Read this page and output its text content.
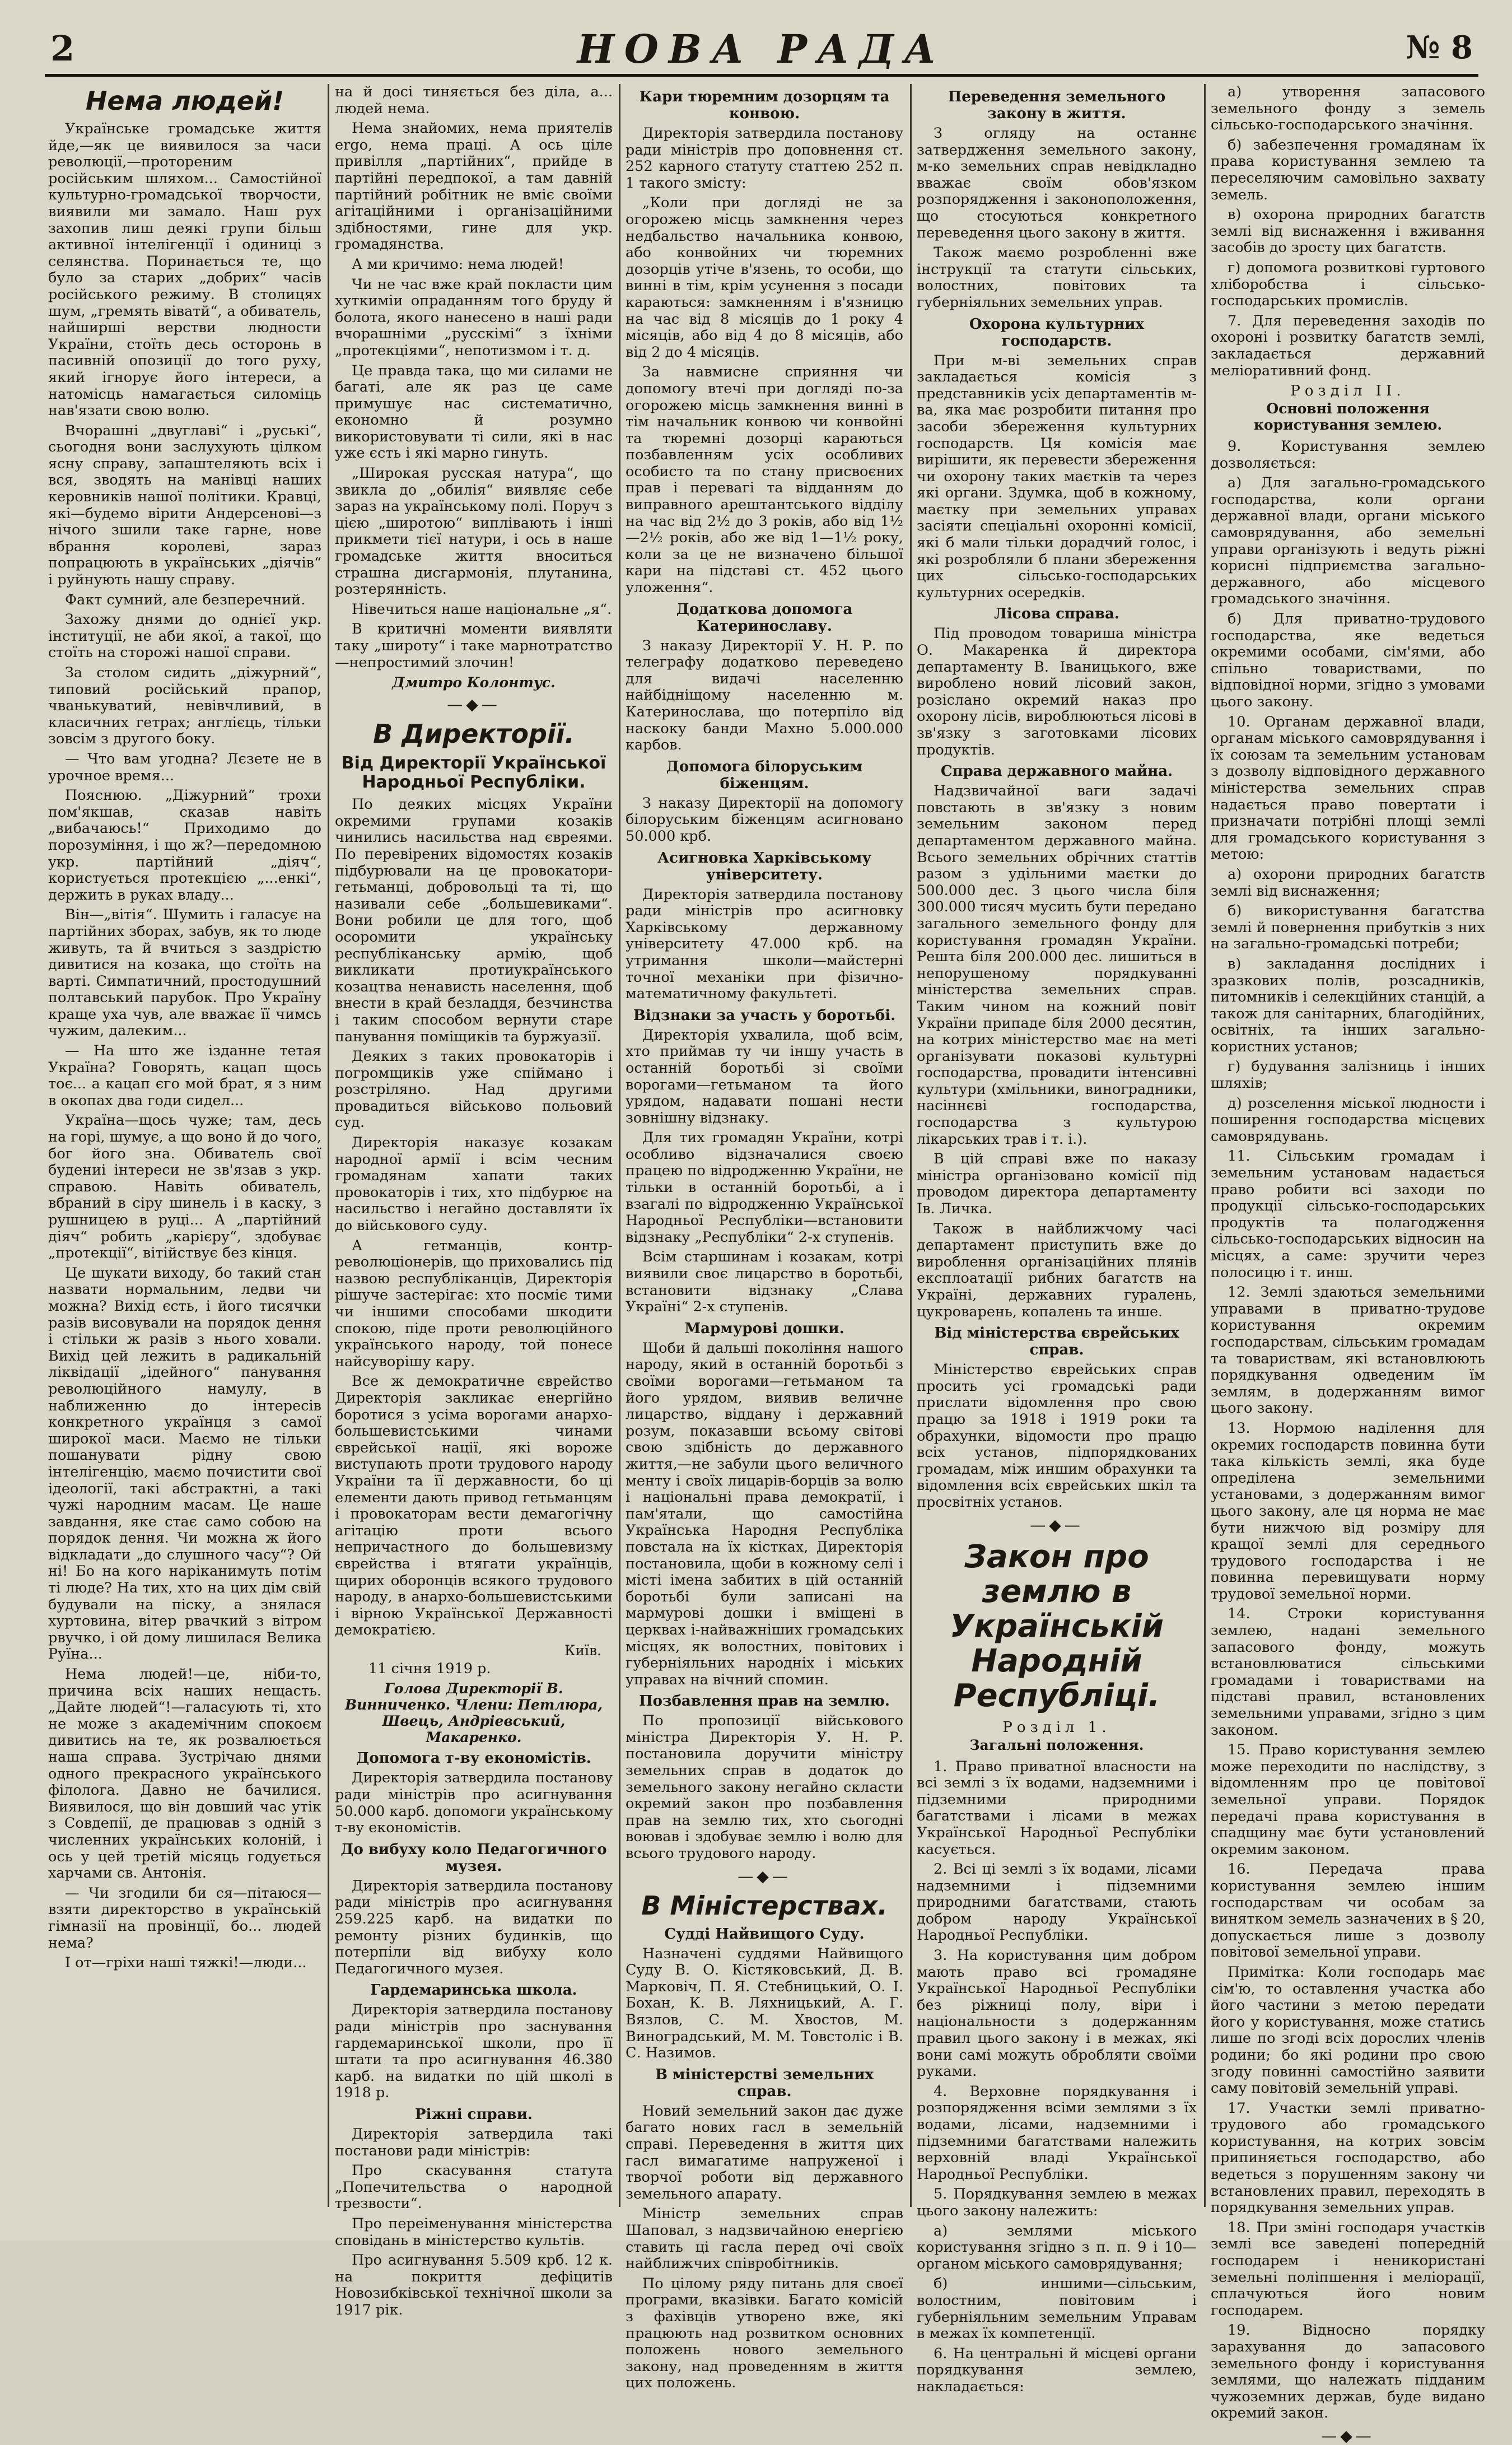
2	НОВА РАДА	№ 8
Нема людей!

Українське громадське життя йде,—як це виявилося за часи революції,—протореним російським шляхом... Самостійної культурно-громадської творчости, виявили ми замало. Наш рух захопив лиш деякі групи більш активної інтелігенції і одиниці з селянства. Поринається те, що було за старих „добрих“ часів російського режиму. В столицях шум, „гремять віватй“, а обиватель, найширші верстви людности України, стоїть десь осторонь в пасивній опозиції до того руху, який ігнорує його інтереси, а натомісць намагається силоміць нав'язати свою волю.

Вчорашні „двуглаві“ і „руські“, сьогодня вони заслухують цілком ясну справу, запаштеляють всіх і вся, зводять на манівці наших керовників нашої політики. Кравці, які—будемо вірити Андерсенові—з нічого зшили таке гарне, нове вбрання королеві, зараз попрацюють в українських „діячів“ і руйнують нашу справу.

Факт сумний, але безперечний.

Захожу днями до однієї укр. інституції, не аби якої, а такої, що стоїть на сторожі нашої справи.

За столом сидить „діжурний“, типовий російський прапор, чванькуватий, невівчливий, в класичних гетрах; англієць, тільки зовсім з другого боку.

— Что вам угодна? Лєзете не в урочное время...

Пояснюю. „Діжурний“ трохи пом'якшав, сказав навіть „вибачаюсь!“ Приходимо до порозуміння, і що ж?—передомною укр. партійний „діяч“, користується протекцією „...енкі“, держить в руках владу...

Він—„вітія“. Шумить і галасує на партійних зборах, забув, як то люде живуть, та й вчиться з заздрістю дивитися на козака, що стоїть на варті. Симпатичний, простодушний полтавський парубок. Про Україну краще уха чув, але вважає її чимсь чужим, далеким...

— На што же ізданне тетая Україна? Говорять, кацап щось тоє... а кацап єго мой брат, я з ним в окопах два годи сидел...

Україна—щось чуже; там, десь на горі, шумує, а що воно й до чого, бог його зна. Обиватель свої будениі інтереси не зв'язав з укр. справою. Навіть обиватель, вбраний в сіру шинель і в каску, з рушницею в руці... А „партійний діяч“ робить „карієру“, здобуває „протекції“, вітійствує без кінця.

Це шукати виходу, бо такий стан назвати нормальним, ледви чи можна? Вихід єсть, і його тисячки разів висовували на порядок дення і стільки ж разів з нього ховали. Вихід цей лежить в радикальній ліквідації „ідейного“ панування революційного намулу, в наближенню до інтересів конкретного українця з самої широкої маси. Маємо не тільки пошанувати рідну свою інтелігенцію, маємо почистити свої ідеології, такі абстрактні, а такі чужі народним масам. Це наше завдання, яке стає само собою на порядок дення. Чи можна ж його відкладати „до слушного часу“? Ой ні! Бо на кого наріканимуть потім ті люде? На тих, хто на цих дім свій будували на піску, а знялася хуртовина, вітер рвачкий з вітром рвучко, і ой дому лишилася Велика Руїна...

Нема людей!—це, ніби-то, причина всіх наших нещасть. „Дайте людей“!—галасують ті, хто не може з академічним спокоєм дивитись на те, як розвалюється наша справа. Зустрічаю днями одного прекрасного українського філолога. Давно не бачилися. Виявилося, що він довший час утік з Совдепії, де працював з одній з численних українських колоній, і ось у цей третій місяць годується харчами св. Антонія.

— Чи згодили би ся—пітаюся—взяти директорство в українській гімназії на провінції, бо... людей нема?

І от—гріхи наші тяжкі!—люди...

на й досі тиняється без діла, а... людей нема.

Нема знайомих, нема приятелів ergo, нема праці. А ось ціле привілля „партійних“, прийде в партійні передпокої, а там давній партійний робітник не вміє своїми агітаційними і організаційними здібностями, гине для укр. громадянства.

А ми кричимо: нема людей!

Чи не час вже край покласти цим хуткиміи опраданням того бруду й болота, якого нанесено в наші ради вчорашніми „русскімі“ з їхніми „протекціями“, непотизмом і т. д.

Це правда така, що ми силами не багаті, але як раз це саме примушує нас систематично, економно й розумно використовувати ті сили, які в нас уже єсть і які марно гинуть.

„Широкая русская натура“, що звикла до „обилія“ виявляє себе зараз на українському полі. Поруч з цією „широтою“ виплівають і інші прикмети тієї натури, і ось в наше громадське життя вноситься страшна дисгармонія, плутанина, розтерянність.

Нівечиться наше національне „я“.

В критичні моменти виявляти таку „широту“ і таке марнотратство—непростимий злочин!

Дмитро Колонтус.
—◆—
В Директорії.
Від Директорії Української Народньої Республіки.

По деяких місцях України окремими групами козаків чинились насильства над євреями. По перевірених відомостях козаків підбурювали на це провокатори-гетьманці, добровольці та ті, що називали себе „большевиками“. Вони робили це для того, щоб осоромити українську республіканську армію, щоб викликати протиукраїнського козацтва ненависть населення, щоб внести в край безладдя, безчинства і таким способом вернути старе панування поміщиків та буржуазії.

Деяких з таких провокаторів і погромщиків уже спіймано і розстріляно. Над другими провадиться військово польовий суд.

Директорія наказує козакам народної армії і всім чесним громадянам хапати таких провокаторів і тих, хто підбурює на насильство і негайно доставляти їх до військового суду.

А гетманців, контр-революціонерів, що приховались під назвою республіканців, Директорія рішуче застерігає: хто посміє тими чи іншими способами шкодити спокою, піде проти революційного українського народу, той понесе найсуворішу кару.

Все ж демократичне єврейство Директорія закликає енергійно боротися з усіма ворогами анархо-большевистськими чинами єврейської нації, які вороже виступають проти трудового народу України та її державности, бо ці елементи дають привод гетьманцям і провокаторам вести демагогічну агітацію проти всього непричастного до большевизму єврейства і втягати українців, щирих оборонців всякого трудового народу, в анархо-большевистськими і вірною Української Державності демократією.

Київ.

11 січня 1919 р.

Голова Директорії В. Винниченко. Члени: Петлюра, Швець, Андріевський, Макаренко.
Допомога т-ву економістів.

Директорія затвердила постанову ради міністрів про асигнування 50.000 карб. допомоги українському т-ву економістів.

До вибуху коло Педагогичного музея.

Директорія затвердила постанову ради міністрів про асигнування 259.225 карб. на видатки по ремонту різних будинків, що потерпіли від вибуху коло Педагогичного музея.

Гардемаринська школа.

Директорія затвердила постанову ради міністрів про заснування гардемаринської школи, про її штати та про асигнування 46.380 карб. на видатки по цій школі в 1918 р.

Рiжнi справи.

Директорія затвердила такі постанови ради міністрів:

Про скасування статута „Попечительства о народной трезвости“.

Про переіменування міністерства сповідань в міністерство культів.

Про асигнування 5.509 крб. 12 к. на покриття дефіцитів Новозибківської технічної школи за 1917 рік.

Кари тюремним дозорцям та конвою.

Директорія затвердила постанову ради міністрів про доповнення ст. 252 карного статуту статтею 252 п. 1 такого змісту:

„Коли при догляді не за огорожею місць замкнення через недбальство начальника конвою, або конвойних чи тюремних дозорців утіче в'язень, то особи, що винні в тім, крім усунення з посади караються: замкненням і в'язницю на час від 8 місяців до 1 року 4 місяців, або від 4 до 8 місяців, або від 2 до 4 місяців.

За навмисне сприяння чи допомогу втечі при догляді по-за огорожею місць замкнення винні в тім начальник конвою чи конвойні та тюремні дозорці караються позбавленням усіх особливих особисто та по стану присвоєних прав і перевагі та відданням до виправного арештантського відділу на час від 2½ до 3 років, або від 1½—2½ років, або же від 1—1½ року, коли за це не визначено більшої кари на підставі ст. 452 цього уложення“.

Додаткова допомога Катеринославу.

З наказу Директорії У. Н. Р. по телеграфу додатково переведено для видачі населенню найбідніщому населенню м. Катеринослава, що потерпіло від наскоку банди Махно 5.000.000 карбов.

Допомога білоруським біженцям.

З наказу Директорії на допомогу білоруським біженцям асигновано 50.000 крб.

Асигновка Харківському університету.

Директорія затвердила постанову ради міністрів про асигновку Харківському державному університету 47.000 крб. на утримання школи—майстерні точної механіки при фізично-математичному факультеті.

Відзнаки за участь у боротьбі.

Директорія ухвалила, щоб всім, хто приймав ту чи іншу участь в останній боротьбі зі своїми ворогами—гетьманом та його урядом, надавати пошані нести зовнішну відзнаку.

Для тих громадян України, котрі особливо відзначалися своєю працею по відродженню України, не тільки в останній боротьбі, а і взагалі по відродженню Української Народньої Республіки—встановити відзнаку „Республіки“ 2-х ступенів.

Всім старшинам і козакам, котрі виявили своє лицарство в боротьбі, встановити відзнаку „Слава Україні“ 2-х ступенів.

Мармурові дошки.

Щоби й дальші покоління нашого народу, який в останній боротьбі з своїми ворогами—гетьманом та його урядом, виявив величне лицарство, віддану і державний розум, показавши всьому світові свою здібність до державного життя,—не забули цього величного менту і своїх лицарів-борців за волю і національні права демократії, і пам'ятали, що самостійна Українська Народня Республіка повстала на їх кістках, Директорія постановила, щоби в кожному селі і місті імена забитих в цій останній боротьбі були записані на мармурові дошки і вміщені в церквах і-найважніших громадських місцях, як волостних, повітових і губерніяльних народніх і міських управах на вічний спомин.

Позбавлення прав на землю.

По пропозиції військового міністра Директорія У. Н. Р. постановила доручити міністру земельних справ в додаток до земельного закону негайно скласти окремий закон про позбавлення прав на землю тих, хто сьогодні воював і здобуває землю і волю для всього трудового народу.

—◆—
В Міністерствах.
Судді Найвищого Суду.

Назначені суддями Найвищого Суду В. О. Кістяковський, Д. В. Марковіч, П. Я. Стебницький, О. І. Бохан, К. В. Ляхницький, А. Г. Вязлов, С. М. Хвостов, М. Виноградський, М. М. Товстоліс і В. С. Назимов.

В міністерстві земельних справ.

Новий земельний закон дає дуже багато нових гасл в земельній справі. Переведення в життя цих гасл вимагатиме напруженої і творчої роботи від державного земельного апарату.

Міністр земельних справ Шаповал, з надзвичайною енергією ставить ці гасла перед очі своїх найближчих співробітників.

По цілому ряду питань для своєї програми, вказівки. Багато комісій з фахівців утворено вже, які працюють над розвитком основних положень нового земельного закону, над проведенням в життя цих положень.

Переведення земельного закону в життя.

З огляду на останнє затвердження земельного закону, м-ко земельних справ невідкладно вважає своїм обов'язком розпорядження і законоположення, що стосуються конкретного переведення цього закону в життя.

Також маємо розробленні вже інструкції та статути сільських, волостних, повітових та губерніяльних земельних управ.

Охорона культурних господарств.

При м-ві земельних справ закладається комісія з представників усіх департаментів м-ва, яка має розробити питання про засоби збереження культурних господарств. Ця комісія має вирішити, як перевести збереження чи охорону таких маєтків та через які органи. Здумка, щоб в кожному, маєтку при земельних управах засіяти спеціальні охоронні комісії, які б мали тільки дорадчий голос, і які розробляли б плани збереження цих сільсько-господарських культурних осередків.

Лісова справа.

Під проводом товариша міністра О. Макаренка й директора департаменту В. Іваницького, вже вироблено новий лісовий закон, розіслано окремий наказ про охорону лісів, вироблюються лісові в зв'язку з заготовками лісових продуктів.

Справа державного майна.

Надзвичайної ваги задачі повстають в зв'язку з новим земельним законом перед департаментом державного майна. Всього земельних обрічних статтів разом з удільними маєтки до 500.000 дес. З цього числа біля 300.000 тисяч мусить бути передано загального земельного фонду для користування громадян України. Решта біля 200.000 дес. лишиться в непорушеному порядкуванні міністерства земельних справ. Таким чином на кожний повіт України припаде біля 2000 десятин, на котрих міністерство має на меті організувати показові культурні господарства, провадити інтенсивні культури (хмільники, виноградники, насіннєві господарства, господарства з культурою лікарських трав і т. і.).

В цій справі вже по наказу міністра організовано комісії під проводом директора департаменту Ів. Личка.

Також в найближчому часі департамент приступить вже до вироблення організаційних плянів експлоатації рибних багатств на Україні, державних гуралень, цукроварень, копалень та инше.

Від міністерства єврейських справ.

Міністерство єврейських справ просить усі громадські ради прислати відомлення про свою працю за 1918 і 1919 роки та обрахунки, відомости про працю всіх установ, підпорядкованих громадам, між иншим обрахунки та відомлення всіх єврейських шкіл та просвітніх установ.

—◆—
Закон про землю в Українській Народній Республіці.
Розділ 1.
Загальні положення.

1. Право приватної власности на всі землі з їх водами, надземними і підземними природними багатствами і лісами в межах Української Народньої Республіки касується.

2. Всі ці землі з їх водами, лісами надземними і підземними природними багатствами, стають добром народу Української Народньої Республіки.

3. На користування цим добром мають право всі громадяне Української Народньої Республіки без ріжниці полу, віри і національности з додержанням правил цього закону і в межах, які вони самі можуть обробляти своїми руками.

4. Верховне порядкування і розпорядження всіми землями з їх водами, лісами, надземними і підземними багатствами належить верховній владі Української Народньої Республіки.

5. Порядкування землею в межах цього закону належить:

а) землями міського користування згідно з п. п. 9 і 10—органом міського самоврядування;

б) иншими—сільським, волостним, повітовим і губерніяльним земельним Управам в межах їх компетенції.

6. На центральні й місцеві органи порядкування землею, накладається:

а) утворення запасового земельного фонду з земель сільсько-господарського значіння.

б) забезпечення громадянам їх права користування землею та переселяючим самовільно захвату земель.

в) охорона природних багатств землі від виснаження і вживання засобів до зросту цих багатств.

г) допомога розвиткові гуртового хліборобства і сільсько-господарських промислів.

7. Для переведення заходів по охороні і розвитку багатств землі, закладається державний меліоративний фонд.

Розділ II.
Основні положення користування землею.

9. Користування землею дозволяється:

а) Для загально-громадського господарства, коли органи державної влади, органи міського самоврядування, або земельні управи організують і ведуть ріжні корисні підприємства загально-державного, або місцевого громадського значіння.

б) Для приватно-трудового господарства, яке ведеться окремими особами, сім'ями, або спільно товариствами, по відповідної норми, згідно з умовами цього закону.

10. Органам державної влади, органам міського самоврядування і їх союзам та земельним установам з дозволу відповідного державного міністерства земельних справ надається право повертати і призначати потрібні площі землі для громадського користування з метою:

а) охорони природних багатств землі від виснаження;

б) використування багатства землі й повернення прибутків з них на загально-громадські потреби;

в) закладання дослідних і зразкових полів, розсадників, питомників і селекційних станцій, а також для санітарних, благодійних, освітніх, та інших загально-користних установ;

г) будування залізниць і інших шляхів;

д) розселення міської людности і поширення господарства місцевих самоврядувань.

11. Сільським громадам і земельним установам надається право робити всі заходи по продукції сільсько-господарських продуктів та полагодження сільсько-господарських відносин на місцях, а саме: зручити через полосицю і т. инш.

12. Землі здаються земельними управами в приватно-трудове користування окремим господарствам, сільським громадам та товариствам, які встановлюють порядкування одведеним їм землям, в додержанням вимог цього закону.

13. Нормою наділення для окремих господарств повинна бути така кількість землі, яка буде опреділена земельними установами, з додержанням вимог цього закону, але ця норма не має бути нижчою від розміру для кращої землі для середнього трудового господарства і не повинна перевищувати норму трудової земельної норми.

14. Строки користування землею, надані земельного запасового фонду, можуть встановлюватися сільськими громадами і товариствами на підставі правил, встановлених земельними управами, згідно з цим законом.

15. Право користування землею може переходити по наслідству, з відомленням про це повітової земельної управи. Порядок передачі права користування в спадщину має бути установлений окремим законом.

16. Передача права користування землею іншим господарствам чи особам за винятком земель зазначених в § 20, допускається лише з дозволу повітової земельної управи.

Примітка: Коли господарь має сім'ю, то оставлення участка або його частини з метою передати його у користування, може статись лише по згоді всіх дорослих членів родини; бо які родини про свою згоду повинні самостійно заявити саму повітовій земельній управі.

17. Участки землі приватно-трудового або громадського користування, на котрих зовсім припиняється господарство, або ведеться з порушенням закону чи встановлених правил, переходять в порядкування земельних управ.

18. При зміні господаря участків землі все заведені попередній господарем і неникористані земельні поліпшення і меліорації, сплачуються його новим господарем.

19. Відносно порядку зарахування до запасового земельного фонду і користування землями, що належать підданим чужоземних держав, буде видано окремий закон.

—◆—
